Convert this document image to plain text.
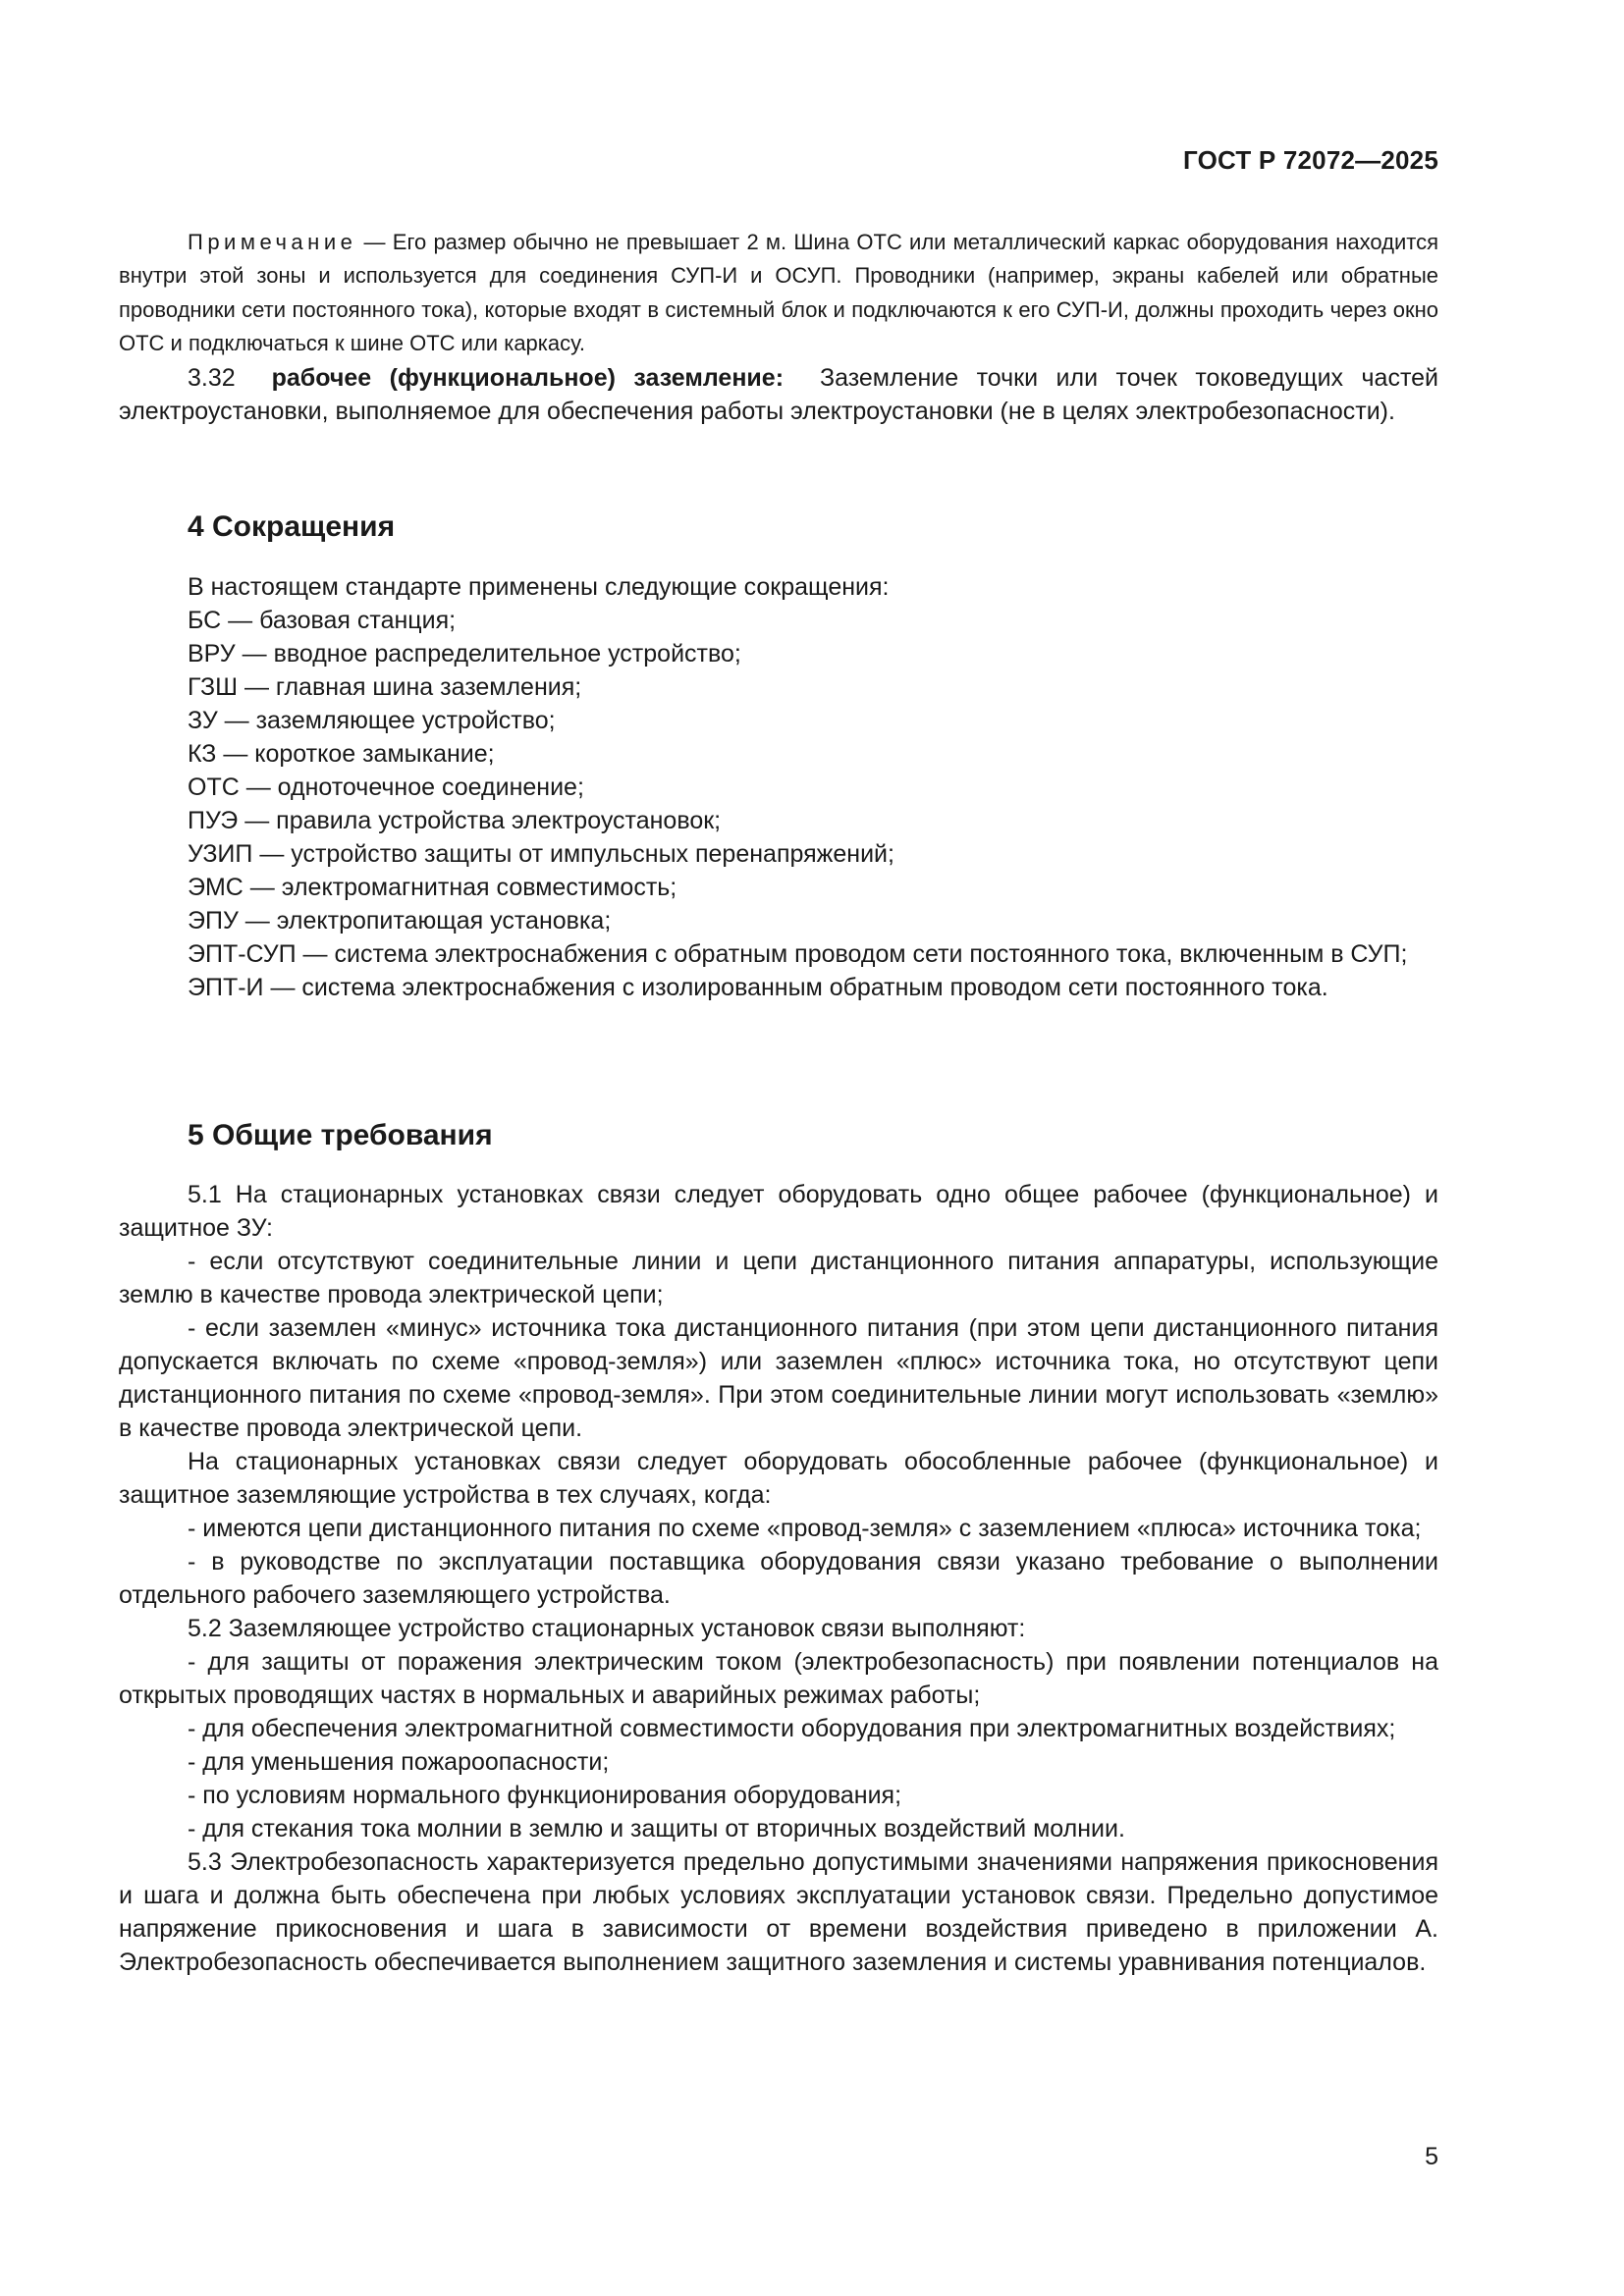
ГОСТ Р 72072—2025

Примечание — Его размер обычно не превышает 2 м. Шина ОТС или металлический каркас оборудования находится внутри этой зоны и используется для соединения СУП-И и ОСУП. Проводники (например, экраны кабелей или обратные проводники сети постоянного тока), которые входят в системный блок и подключаются к его СУП-И, должны проходить через окно ОТС и подключаться к шине ОТС или каркасу.

3.32 рабочее (функциональное) заземление: Заземление точки или точек токоведущих частей электроустановки, выполняемое для обеспечения работы электроустановки (не в целях электробезопасности).

4 Сокращения

В настоящем стандарте применены следующие сокращения:

БС — базовая станция;

ВРУ — вводное распределительное устройство;

ГЗШ — главная шина заземления;

ЗУ — заземляющее устройство;

КЗ — короткое замыкание;

ОТС — одноточечное соединение;

ПУЭ — правила устройства электроустановок;

УЗИП — устройство защиты от импульсных перенапряжений;

ЭМС — электромагнитная совместимость;

ЭПУ — электропитающая установка;

ЭПТ-СУП — система электроснабжения с обратным проводом сети постоянного тока, включенным в СУП;

ЭПТ-И — система электроснабжения с изолированным обратным проводом сети постоянного тока.

5 Общие требования

5.1 На стационарных установках связи следует оборудовать одно общее рабочее (функциональное) и защитное ЗУ:

- если отсутствуют соединительные линии и цепи дистанционного питания аппаратуры, использующие землю в качестве провода электрической цепи;

- если заземлен «минус» источника тока дистанционного питания (при этом цепи дистанционного питания допускается включать по схеме «провод-земля») или заземлен «плюс» источника тока, но отсутствуют цепи дистанционного питания по схеме «провод-земля». При этом соединительные линии могут использовать «землю» в качестве провода электрической цепи.

На стационарных установках связи следует оборудовать обособленные рабочее (функциональное) и защитное заземляющие устройства в тех случаях, когда:

- имеются цепи дистанционного питания по схеме «провод-земля» с заземлением «плюса» источника тока;

- в руководстве по эксплуатации поставщика оборудования связи указано требование о выполнении отдельного рабочего заземляющего устройства.

5.2 Заземляющее устройство стационарных установок связи выполняют:

- для защиты от поражения электрическим током (электробезопасность) при появлении потенциалов на открытых проводящих частях в нормальных и аварийных режимах работы;

- для обеспечения электромагнитной совместимости оборудования при электромагнитных воздействиях;

- для уменьшения пожароопасности;

- по условиям нормального функционирования оборудования;

- для стекания тока молнии в землю и защиты от вторичных воздействий молнии.

5.3 Электробезопасность характеризуется предельно допустимыми значениями напряжения прикосновения и шага и должна быть обеспечена при любых условиях эксплуатации установок связи. Предельно допустимое напряжение прикосновения и шага в зависимости от времени воздействия приведено в приложении А. Электробезопасность обеспечивается выполнением защитного заземления и системы уравнивания потенциалов.

5
